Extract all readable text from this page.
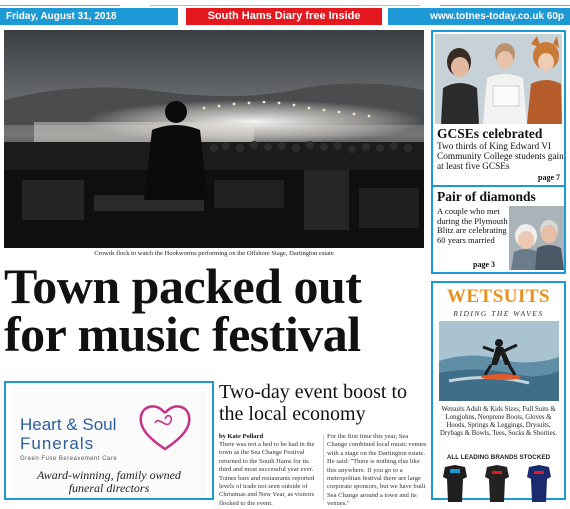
Friday, August 31, 2018	South Hams Diary free Inside	www.totnes-today.co.uk 60p
Crowds flock to watch the Hookworms performing on the Offshore Stage, Dartington estate
Town packed out
for music festival
GCSEs celebrated
Two thirds of King Edward VI Community College students gain at least five GCSEs
page 7
Pair of diamonds
A couple who met during the Plymouth Blitz are celebrating 60 years married
page 3
WETSUITS
RIDING THE WAVES
Wetsuits Adult & Kids Sizes, Full Suits & Longjohns, Neoprene Boots, Gloves & Hoods, Springs & Leggings, Drysuits, Drybags & Bowls, Tees, Socks & Shorties.
ALL LEADING BRANDS STOCKED
Heart & Soul
Funerals
Green Fuse Bereavement Care
Award-winning, family owned
funeral directors
Two-day event boost to the local economy
by Kate Pollard
There was not a bed to be had in the town as the Sea Change Festival returned to the South Hams for its third and most successful year ever. Totnes bars and restaurants reported levels of trade not seen outside of Christmas and New Year, as visitors flocked to the event.
For the first time this year, Sea Change combined local music venues with a stage on the Dartington estate. He said: "There is nothing else like this anywhere. If you go to a metropolitan festival there are large corporate sponsors, but we have built Sea Change around a town and its venues."
